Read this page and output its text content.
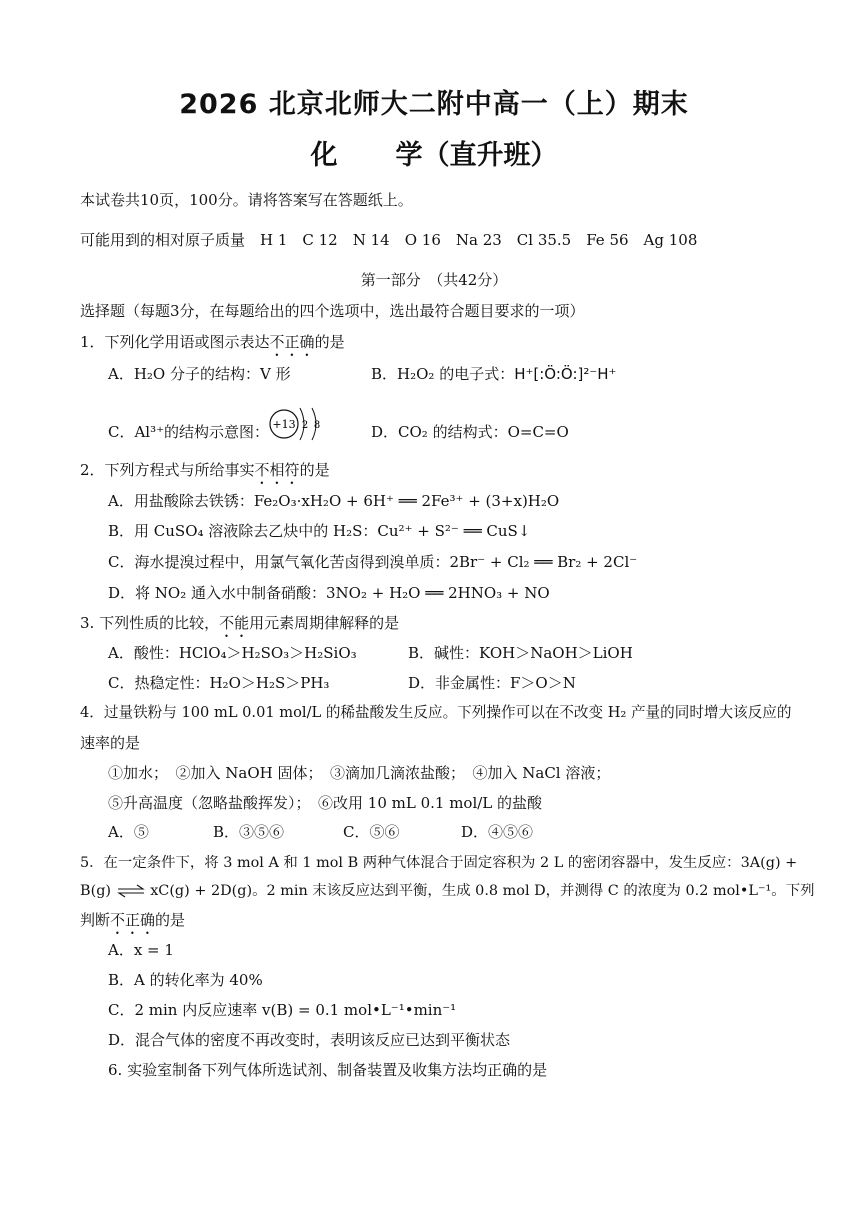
2026 北京北师大二附中高一（上）期末
化 学（直升班）
本试卷共10页，100分。请将答案写在答题纸上。
可能用到的相对原子质量　H 1　C 12　N 14　O 16　Na 23　Cl 35.5　Fe 56　Ag 108
第一部分　（共42分）
选择题（每题3分，在每题给出的四个选项中，选出最符合题目要求的一项）
1．下列化学用语或图示表达不正确的是
A．H₂O 分子的结构：V 形	B．H₂O₂ 的电子式：H⁺[:Ö:Ö:]²⁻H⁺
C．Al³⁺的结构示意图： +13 2 8	D．CO₂ 的结构式：O=C=O
2．下列方程式与所给事实不相符的是
A．用盐酸除去铁锈：Fe₂O₃·xH₂O + 6H⁺ ══ 2Fe³⁺ + (3+x)H₂O
B．用 CuSO₄ 溶液除去乙炔中的 H₂S：Cu²⁺ + S²⁻ ══ CuS↓
C．海水提溴过程中，用氯气氧化苦卤得到溴单质：2Br⁻ + Cl₂ ══ Br₂ + 2Cl⁻
D．将 NO₂ 通入水中制备硝酸：3NO₂ + H₂O ══ 2HNO₃ + NO
3. 下列性质的比较，不能用元素周期律解释的是
A．酸性：HClO₄＞H₂SO₃＞H₂SiO₃	B．碱性：KOH＞NaOH＞LiOH
C．热稳定性：H₂O＞H₂S＞PH₃	D．非金属性：F＞O＞N
4．过量铁粉与 100 mL 0.01 mol/L 的稀盐酸发生反应。下列操作可以在不改变 H₂ 产量的同时增大该反应的
速率的是
①加水；　②加入 NaOH 固体；　③滴加几滴浓盐酸；　④加入 NaCl 溶液；
⑤升高温度（忽略盐酸挥发）；　⑥改用 10 mL 0.1 mol/L 的盐酸
A．⑤	B．③⑤⑥	C．⑤⑥	D．④⑤⑥
5．在一定条件下，将 3 mol A 和 1 mol B 两种气体混合于固定容积为 2 L 的密闭容器中，发生反应：3A(g) +
B(g) ⇌ xC(g) + 2D(g)。2 min 末该反应达到平衡，生成 0.8 mol D，并测得 C 的浓度为 0.2 mol•L⁻¹。下列
判断不正确的是
A．x = 1
B．A 的转化率为 40%
C．2 min 内反应速率 v(B) = 0.1 mol•L⁻¹•min⁻¹
D．混合气体的密度不再改变时，表明该反应已达到平衡状态
6. 实验室制备下列气体所选试剂、制备装置及收集方法均正确的是
